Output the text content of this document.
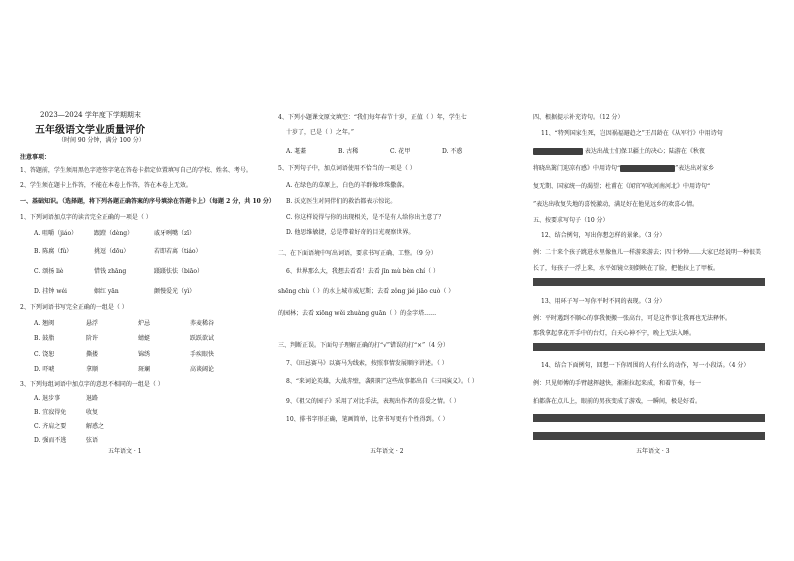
2023—2024 学年度下学期期末
五年级语文学业质量评价
（时间 90 分钟，满分 100 分）
注意事项：
1、答题前，学生须用黑色字迹签字笔在答卷卡指定位置填写自己的学校、姓名、考号。
2、学生须在题卡上作答，不能在本卷上作答，答在本卷上无效。
一、基础知识。（选择题，将下列各题正确答案的序号填涂在答题卡上）（每题 2 分，共 10 分）
1、下列词语加点字的读音完全正确的一项是（ ）
A. 咀嚼（jiáo）	跟蹬（dèng）	戚牙咧嘴（zī）
B. 陈腐（fǔ）	挑逗（dōu）	若即若离（tiáo）
C. 颂扬 liè	惜钱 zhāng	蹑蹑怯怯（biāo）
D. 挂钟 wéi	姻红 yān	颤慢爱光（yì）
2、下列词语书写完全正确的一组是（ ）
A. 翘阀	悬浮	炉忌	荞麦稀谷
B. 鼓脂	阶许	蜻蜓	跃跃欲试
C. 饶恕	撕搂	锦绣	手疾眼快
D. 吓唬	拿顺	斑斓	高谈阔论
3、下列每组词语中加点字的意思不相同的一组是（ ）
A. 退步事	退路
B. 宜寂得免	收复
C. 齐肩之要	解惑之
D. 强而不逃	弦语
五年语文 · 1
4、下列小题课文原文填空：“我们每年春节十岁，正值（ ）年，学生七
十岁了，已是（ ）之年。”
A. 耄耋	B. 古稀	C. 花甲	D. 不惑
5、下列句子中，加点词语使用不恰当的一项是（ ）
A. 在绿色的草原上，白色的羊群像珍珠撒落。
B. 沃克医生对同伴们的救治都表示惊诧。
C. 你这样说得与你的出现相关，是不是有人给你出主意了？
D. 他思维敏捷，总是带着好奇的目光观察世界。
二、在下面语境中写出词语，要求书写正确、工整。（9 分）
6、世界那么大，我想去看看！去看 jīn mù bèn chí（ ）
shēng chù（ ）的水上城市威尼斯；去看 zǒng jié jiāo cuò（ ）
的园林；去看 xiōng wěi zhuàng guān（ ）的金字塔……
三、判断正误。下面句子理解正确的打“√”错误的打“×”（4 分）
7、《田忌赛马》以赛马为线索，按照事情发展顺序讲述。（ ）
8、“来词论英雄，大战赤壁，袭阳阳”这些故事都出自《三国演义》。（ ）
9、《祖父的园子》采用了对比手法，表现出作者的喜爱之情。（ ）
10、排书字形正确，笔画简单，比拿书写更有个性得到。（ ）
五年语文 · 2
四、根据提示补充诗句。（12 分）
11、“特列国家生死，岂因祸福避趋之”王昌龄在《从军行》中用诗句
表达出战士们保卫疆土的决心；陆游在《秋夜
将晓出篱门迎凉有感》中用诗句“	”表达出对家乡
复无期、国家统一的渴望；杜甫在《闻官军收河南河北》中用诗句“
”表达出收复失地的喜悦激动，满足好在他见远乡的欢喜心情。
五、按要求写句子（10 分）
12、结合例句，写出你想怎样的景象。（3 分）
例：二十来个孩子跳进水里像鱼儿一样游来游去；四十秒钟……大家已经说明一种很美
长了，每孩子一浮上来，水平如镜立刻倒映在了脸，把他拉上了甲板。
13、用环子写一写你平时不同的表现。（3 分）
例：平时遇到不顺心的事我便搬一张高台，可是这件事让我再也无法释怀。
那我拿起拿花开手中的台灯，白天心神不宁，晚上无法入睡。
14、结合下面例句，回想一下你周围的人有什么的动作，写一小段话。（4 分）
例：只见师傅的手臂越挥越快，渐渐拉起来成，和着节奏，每一
拍都落在点儿上，眼前的男孩变成了游戏，一瞬间，极是好看。
五年语文 · 3
